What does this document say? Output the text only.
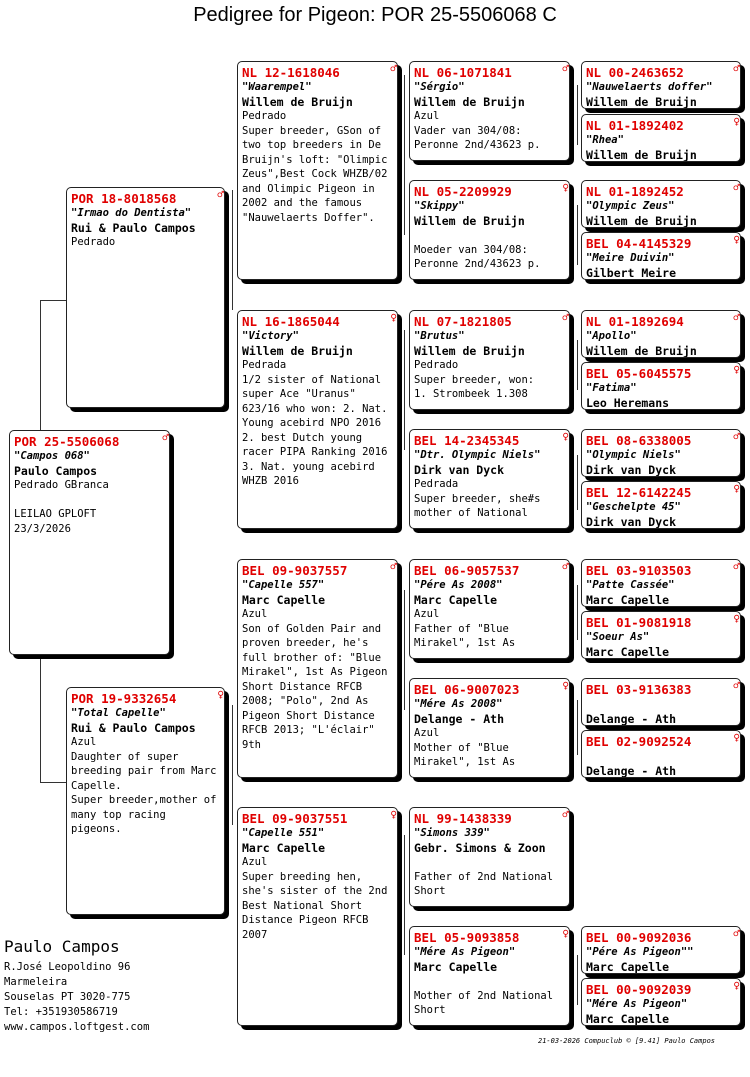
Pedigree for Pigeon: POR 25-5506068 C
POR 25-5506068	♂
"Campos 068"
Paulo Campos
Pedrado GBranca

LEILAO GPLOFT
23/3/2026
POR 18-8018568	♂
"Irmao do Dentista"
Rui & Paulo Campos
Pedrado
POR 19-9332654	♀
"Total Capelle"
Rui & Paulo Campos
Azul
Daughter of super breeding pair from Marc Capelle.
Super breeder,mother of many top racing pigeons.
NL 12-1618046	♂
"Waarempel"
Willem de Bruijn
Pedrado
Super breeder, GSon of two top breeders in De Bruijn's loft: "Olimpic Zeus",Best Cock WHZB/02 and Olimpic Pigeon in 2002 and the famous "Nauwelaerts Doffer".
NL 16-1865044	♀
"Victory"
Willem de Bruijn
Pedrada
1/2 sister of National super Ace "Uranus" 623/16 who won: 2. Nat. Young acebird NPO 2016
2. best Dutch young racer PIPA Ranking 2016
3. Nat. young acebird WHZB 2016
BEL 09-9037557	♂
"Capelle 557"
Marc Capelle
Azul
Son of Golden Pair and proven breeder, he's full brother of: "Blue Mirakel", 1st As Pigeon Short Distance RFCB 2008; "Polo", 2nd As Pigeon Short Distance RFCB 2013; "L'éclair" 9th
BEL 09-9037551	♀
"Capelle 551"
Marc Capelle
Azul
Super breeding hen, she's sister of the 2nd Best National Short Distance Pigeon RFCB 2007
NL 06-1071841	♂
"Sérgio"
Willem de Bruijn
Azul
Vader van 304/08:
Peronne 2nd/43623 p.
NL 05-2209929	♀
"Skippy"
Willem de Bruijn

Moeder van 304/08:
Peronne 2nd/43623 p.
NL 07-1821805	♂
"Brutus"
Willem de Bruijn
Pedrado
Super breeder, won:
1. Strombeek 1.308
BEL 14-2345345	♀
"Dtr. Olympic Niels"
Dirk van Dyck
Pedrada
Super breeder, she#s mother of National
BEL 06-9057537	♂
"Pére As 2008"
Marc Capelle
Azul
Father of "Blue Mirakel", 1st As
BEL 06-9007023	♀
"Mére As 2008"
Delange - Ath
Azul
Mother of "Blue Mirakel", 1st As
NL 99-1438339	♂
"Simons 339"
Gebr. Simons & Zoon

Father of 2nd National Short
BEL 05-9093858	♀
"Mére As Pigeon"
Marc Capelle

Mother of 2nd National Short
NL 00-2463652	♂
"Nauwelaerts doffer"
Willem de Bruijn
NL 01-1892402	♀
"Rhea"
Willem de Bruijn
NL 01-1892452	♂
"Olympic Zeus"
Willem de Bruijn
BEL 04-4145329	♀
"Meire Duivin"
Gilbert Meire
NL 01-1892694	♂
"Apollo"
Willem de Bruijn
BEL 05-6045575	♀
"Fatima"
Leo Heremans
BEL 08-6338005	♂
"Olympic Niels"
Dirk van Dyck
BEL 12-6142245	♀
"Geschelpte 45"
Dirk van Dyck
BEL 03-9103503	♂
"Patte Cassée"
Marc Capelle
BEL 01-9081918	♀
"Soeur As"
Marc Capelle
BEL 03-9136383	♂
Delange - Ath
BEL 02-9092524	♀
Delange - Ath
BEL 00-9092036	♂
"Pére As Pigeon""
Marc Capelle
BEL 00-9092039	♀
"Mére As Pigeon"
Marc Capelle
Paulo Campos
R.José Leopoldino 96
Marmeleira
Souselas PT 3020-775
Tel: +351930586719
www.campos.loftgest.com
21-03-2026 Compuclub © [9.41] Paulo Campos
